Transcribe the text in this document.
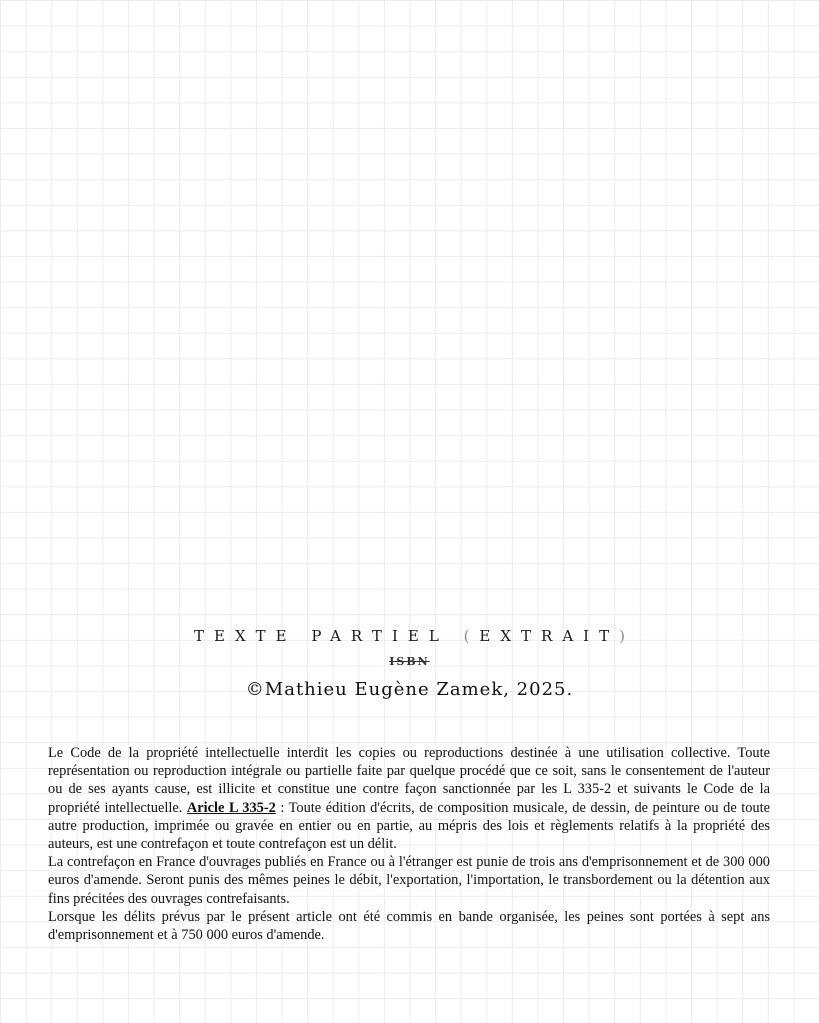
TEXTE PARTIEL (EXTRAIT)
ISBN
©Mathieu Eugène Zamek, 2025.

Le Code de la propriété intellectuelle interdit les copies ou reproductions destinée à une utilisation collective. Toute représentation ou reproduction intégrale ou partielle faite par quelque procédé que ce soit, sans le consentement de l'auteur ou de ses ayants cause, est illicite et constitue une contre façon sanctionnée par les L 335-2 et suivants le Code de la propriété intellectuelle. Aricle L 335-2 : Toute édition d'écrits, de composition musicale, de dessin, de peinture ou de toute autre production, imprimée ou gravée en entier ou en partie, au mépris des lois et règlements relatifs à la propriété des auteurs, est une contrefaçon et toute contrefaçon est un délit.

La contrefaçon en France d'ouvrages publiés en France ou à l'étranger est punie de trois ans d'emprisonnement et de 300 000 euros d'amende. Seront punis des mêmes peines le débit, l'exportation, l'importation, le transbordement ou la détention aux fins précitées des ouvrages contrefaisants.

Lorsque les délits prévus par le présent article ont été commis en bande organisée, les peines sont portées à sept ans d'emprisonnement et à 750 000 euros d'amende.
